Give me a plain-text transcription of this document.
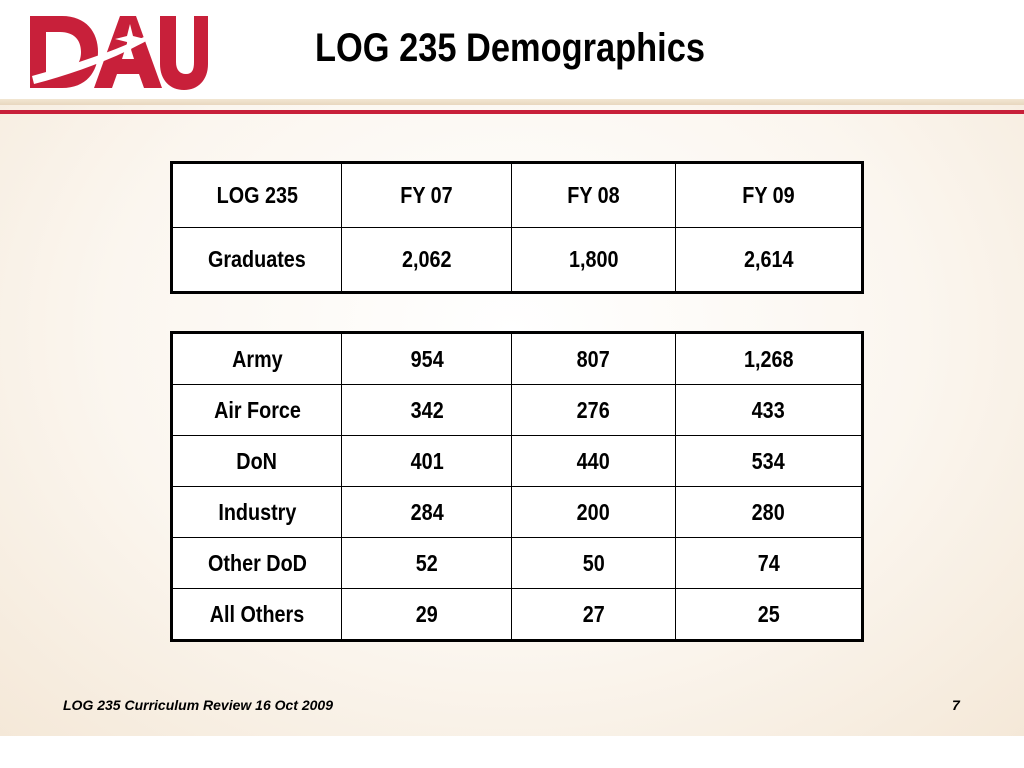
LOG 235 Demographics
LOG 235	FY 07	FY 08	FY 09
Graduates	2,062	1,800	2,614
Army	954	807	1,268
Air Force	342	276	433
DoN	401	440	534
Industry	284	200	280
Other DoD	52	50	74
All Others	29	27	25
LOG 235 Curriculum Review 16 Oct 2009	7
